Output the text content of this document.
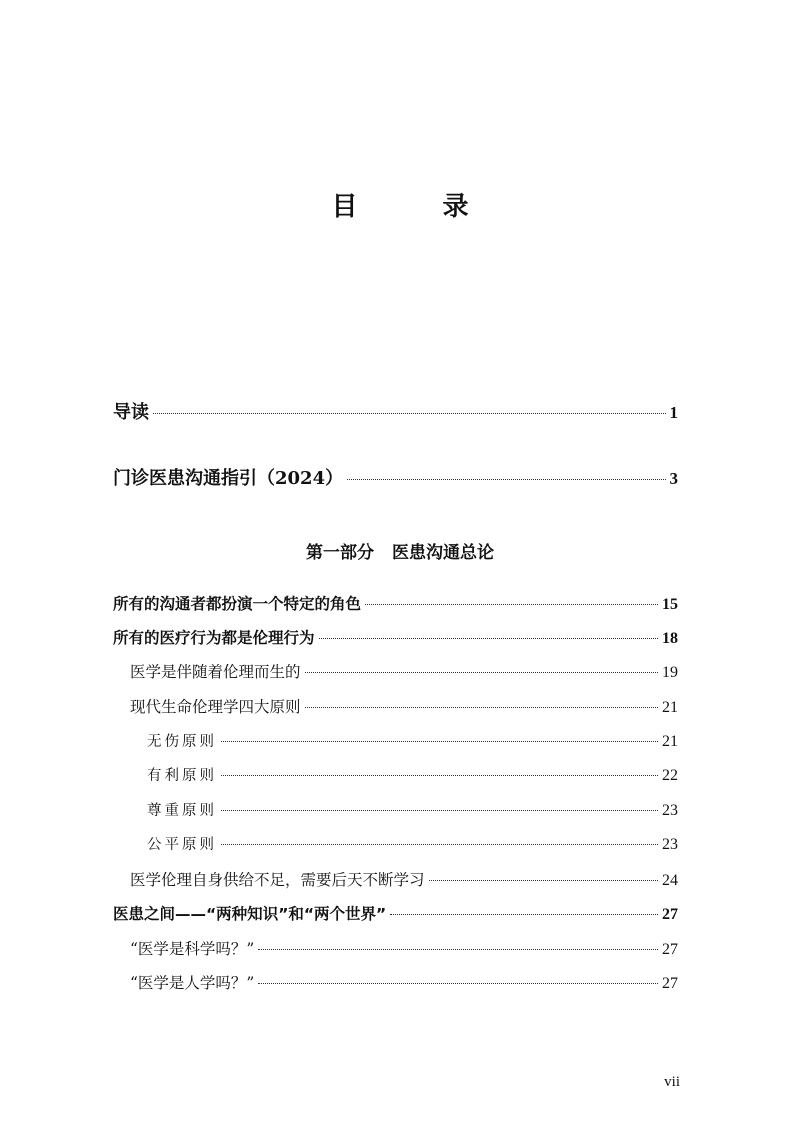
目 录
导读	1
门诊医患沟通指引（2024）	3
第一部分 医患沟通总论
所有的沟通者都扮演一个特定的角色	15
所有的医疗行为都是伦理行为	18
医学是伴随着伦理而生的	19
现代生命伦理学四大原则	21
无伤原则	21
有利原则	22
尊重原则	23
公平原则	23
医学伦理自身供给不足，需要后天不断学习	24
医患之间——“两种知识”和“两个世界”	27
“医学是科学吗？”	27
“医学是人学吗？”	27
vii
